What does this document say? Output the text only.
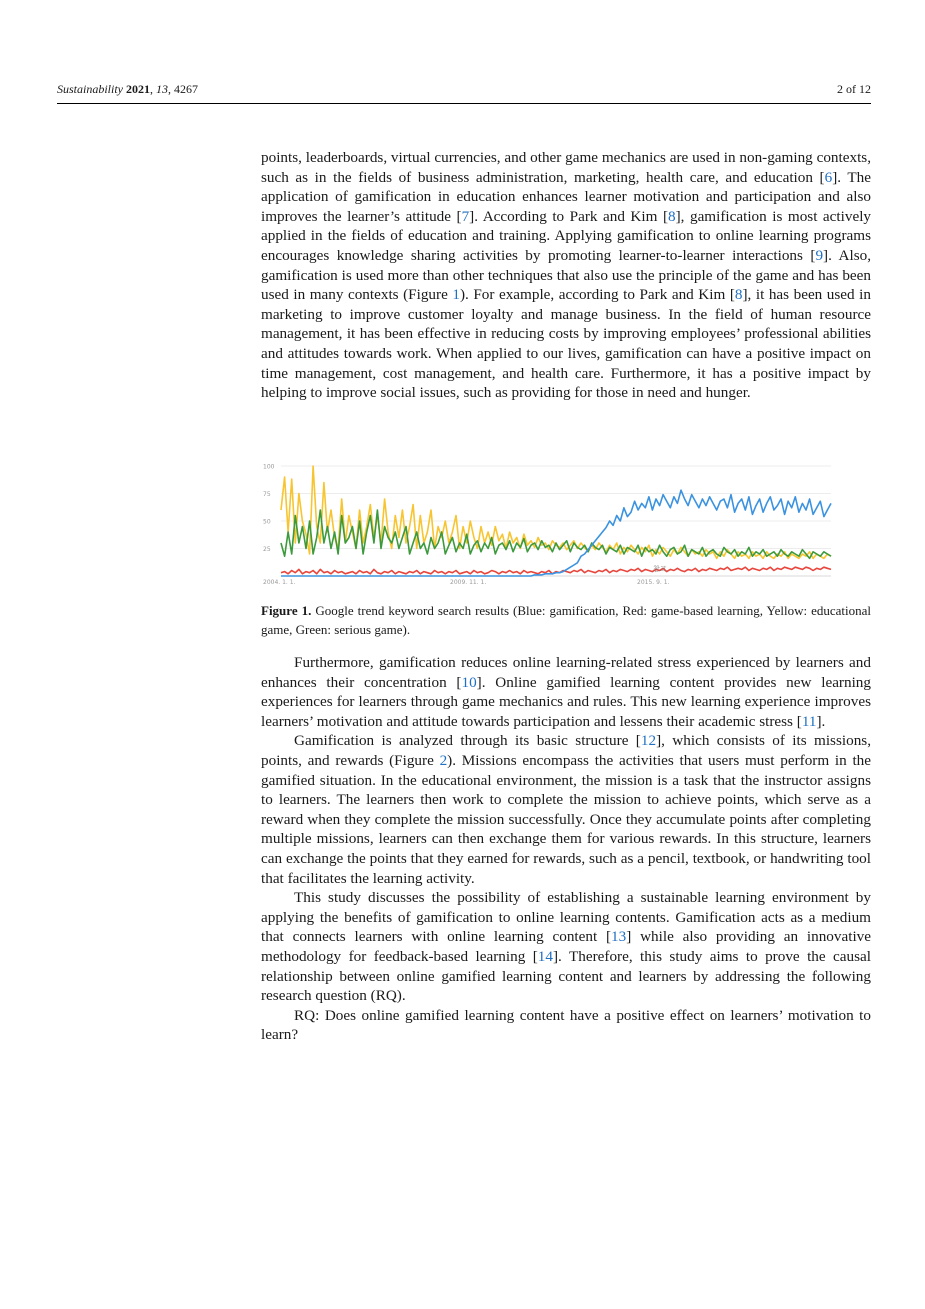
Sustainability 2021, 13, 4267	2 of 12

points, leaderboards, virtual currencies, and other game mechanics are used in non-gaming contexts, such as in the fields of business administration, marketing, health care, and education [6]. The application of gamification in education enhances learner motivation and participation and also improves the learner’s attitude [7]. According to Park and Kim [8], gamification is most actively applied in the fields of education and training. Applying gamification to online learning programs encourages knowledge sharing activities by promoting learner-to-learner interactions [9]. Also, gamification is used more than other techniques that also use the principle of the game and has been used in many contexts (Figure 1). For example, according to Park and Kim [8], it has been used in marketing to improve customer loyalty and manage business. In the field of human resource management, it has been effective in reducing costs by improving employees’ professional abilities and attitudes towards work. When applied to our lives, gamification can have a positive impact on time management, cost management, and health care. Furthermore, it has a positive impact by helping to improve social issues, such as providing for those in need and hunger.

100
75
50
25
2004. 1. 1.	2009. 11. 1.	2015. 9. 1.
참고
Figure 1. Google trend keyword search results (Blue: gamification, Red: game-based learning, Yellow: educational game, Green: serious game).

Furthermore, gamification reduces online learning-related stress experienced by learners and enhances their concentration [10]. Online gamified learning content provides new learning experiences for learners through game mechanics and rules. This new learning experience improves learners’ motivation and attitude towards participation and lessens their academic stress [11].

Gamification is analyzed through its basic structure [12], which consists of its missions, points, and rewards (Figure 2). Missions encompass the activities that users must perform in the gamified situation. In the educational environment, the mission is a task that the instructor assigns to learners. The learners then work to complete the mission to achieve points, which serve as a reward when they complete the mission successfully. Once they accumulate points after completing multiple missions, learners can then exchange them for various rewards. In this structure, learners can exchange the points that they earned for rewards, such as a pencil, textbook, or handwriting tool that facilitates the learning activity.

This study discusses the possibility of establishing a sustainable learning environment by applying the benefits of gamification to online learning contents. Gamification acts as a medium that connects learners with online learning content [13] while also providing an innovative methodology for feedback-based learning [14]. Therefore, this study aims to prove the causal relationship between online gamified learning content and learners by addressing the following research question (RQ).

RQ: Does online gamified learning content have a positive effect on learners’ motivation to learn?
